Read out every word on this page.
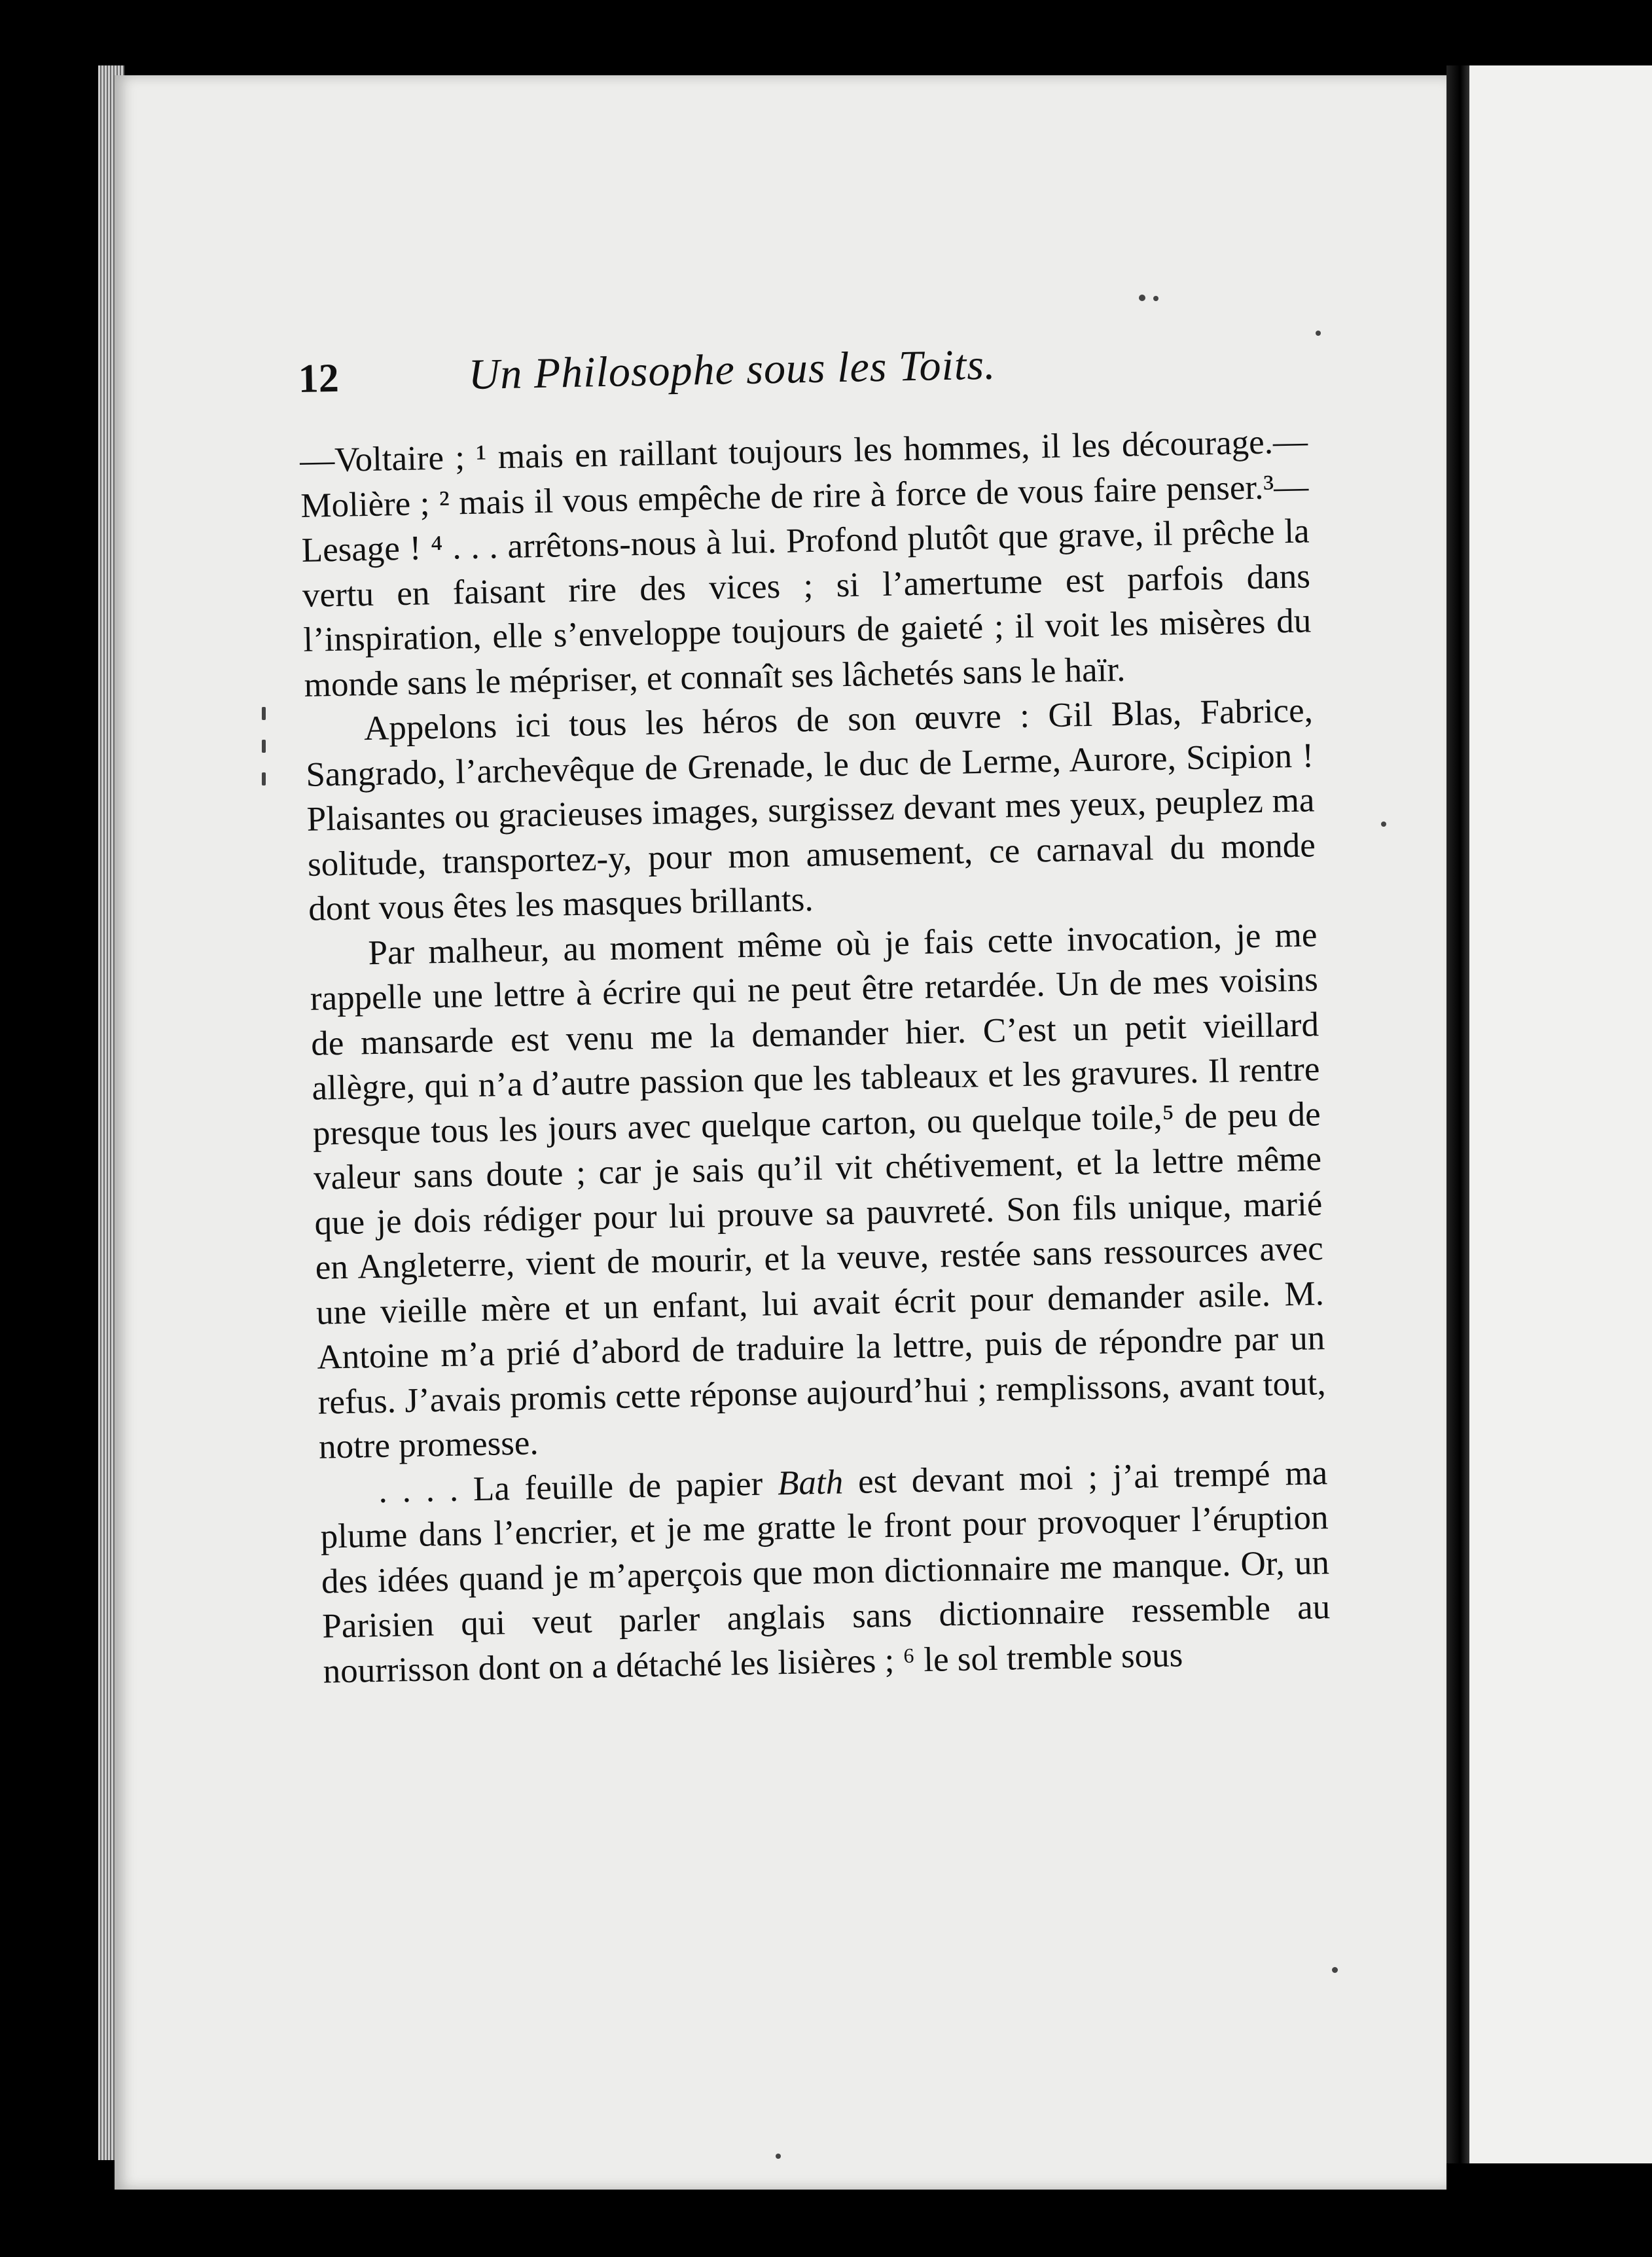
12	Un Philosophe sous les Toits.

—Voltaire ; ¹ mais en raillant toujours les hommes, il les décourage.—Molière ; ² mais il vous empêche de rire à force de vous faire penser.³—Lesage ! ⁴ . . . arrêtons-nous à lui. Profond plutôt que grave, il prêche la vertu en faisant rire des vices ; si l’amertume est parfois dans l’inspiration, elle s’enveloppe toujours de gaieté ; il voit les misères du monde sans le mépriser, et connaît ses lâchetés sans le haïr.

Appelons ici tous les héros de son œuvre : Gil Blas, Fabrice, Sangrado, l’archevêque de Grenade, le duc de Lerme, Aurore, Scipion ! Plaisantes ou gracieuses images, surgissez devant mes yeux, peuplez ma solitude, transportez-y, pour mon amusement, ce carnaval du monde dont vous êtes les masques brillants.

Par malheur, au moment même où je fais cette invocation, je me rappelle une lettre à écrire qui ne peut être retardée. Un de mes voisins de mansarde est venu me la demander hier. C’est un petit vieillard allègre, qui n’a d’autre passion que les tableaux et les gravures. Il rentre presque tous les jours avec quelque carton, ou quelque toile,⁵ de peu de valeur sans doute ; car je sais qu’il vit chétivement, et la lettre même que je dois rédiger pour lui prouve sa pauvreté. Son fils unique, marié en Angleterre, vient de mourir, et la veuve, restée sans ressources avec une vieille mère et un enfant, lui avait écrit pour demander asile. M. Antoine m’a prié d’abord de traduire la lettre, puis de répondre par un refus. J’avais promis cette réponse aujourd’hui ; remplissons, avant tout, notre promesse.

. . . . La feuille de papier Bath est devant moi ; j’ai trempé ma plume dans l’encrier, et je me gratte le front pour provoquer l’éruption des idées quand je m’aperçois que mon dictionnaire me manque. Or, un Parisien qui veut parler anglais sans dictionnaire ressemble au nourrisson dont on a détaché les lisières ; ⁶ le sol tremble sous
